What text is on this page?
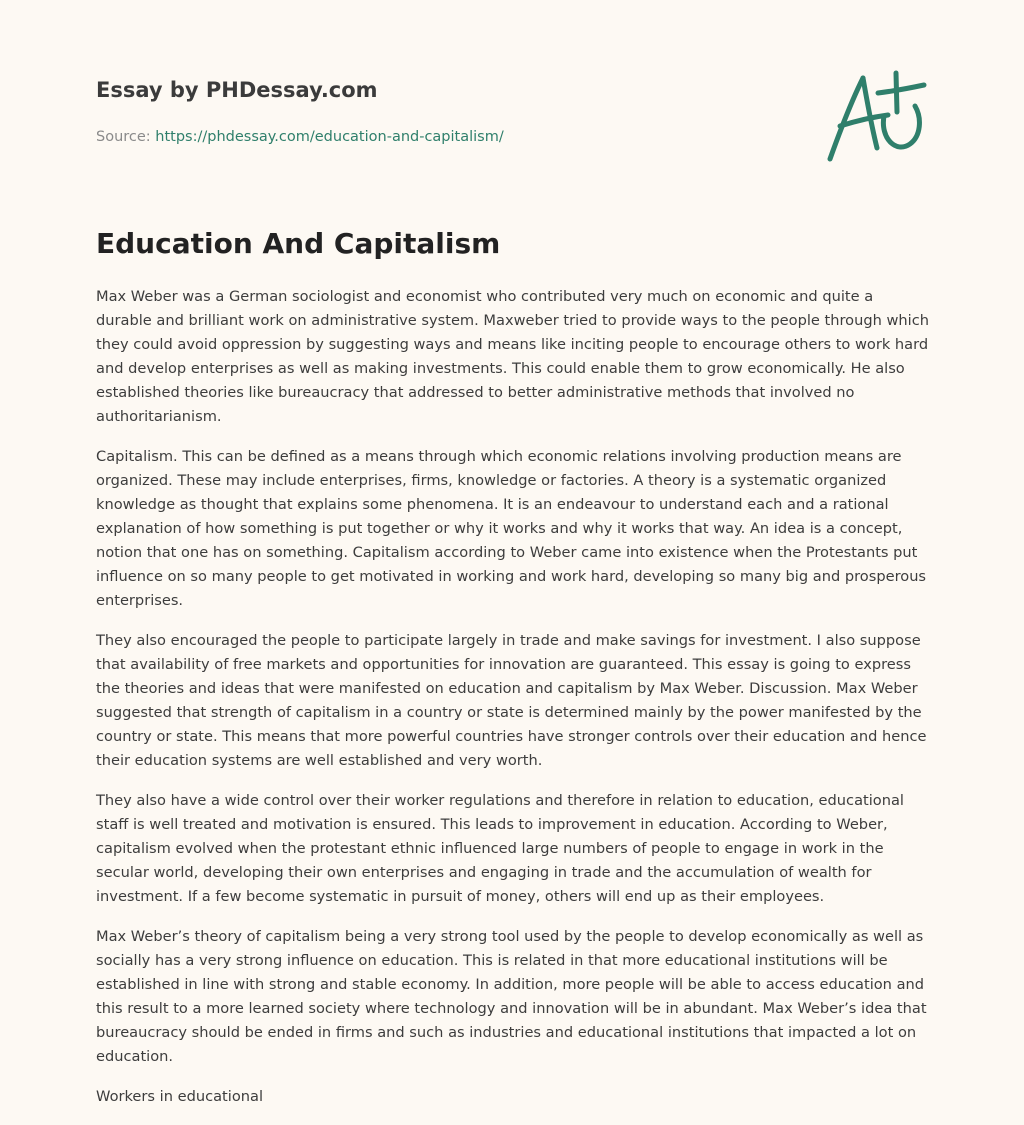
Essay by PHDessay.com
Source: https://phdessay.com/education-and-capitalism/
Education And Capitalism

Max Weber was a German sociologist and economist who contributed very much on economic and quite a durable and brilliant work on administrative system. Maxweber tried to provide ways to the people through which they could avoid oppression by suggesting ways and means like inciting people to encourage others to work hard and develop enterprises as well as making investments. This could enable them to grow economically. He also established theories like bureaucracy that addressed to better administrative methods that involved no authoritarianism.

Capitalism. This can be defined as a means through which economic relations involving production means are organized. These may include enterprises, firms, knowledge or factories. A theory is a systematic organized knowledge as thought that explains some phenomena. It is an endeavour to understand each and a rational explanation of how something is put together or why it works and why it works that way. An idea is a concept, notion that one has on something. Capitalism according to Weber came into existence when the Protestants put influence on so many people to get motivated in working and work hard, developing so many big and prosperous enterprises.

They also encouraged the people to participate largely in trade and make savings for investment. I also suppose that availability of free markets and opportunities for innovation are guaranteed. This essay is going to express the theories and ideas that were manifested on education and capitalism by Max Weber. Discussion. Max Weber suggested that strength of capitalism in a country or state is determined mainly by the power manifested by the country or state. This means that more powerful countries have stronger controls over their education and hence their education systems are well established and very worth.

They also have a wide control over their worker regulations and therefore in relation to education, educational staff is well treated and motivation is ensured. This leads to improvement in education. According to Weber, capitalism evolved when the protestant ethnic influenced large numbers of people to engage in work in the secular world, developing their own enterprises and engaging in trade and the accumulation of wealth for investment. If a few become systematic in pursuit of money, others will end up as their employees.

Max Weber’s theory of capitalism being a very strong tool used by the people to develop economically as well as socially has a very strong influence on education. This is related in that more educational institutions will be established in line with strong and stable economy. In addition, more people will be able to access education and this result to a more learned society where technology and innovation will be in abundant. Max Weber’s idea that bureaucracy should be ended in firms and such as industries and educational institutions that impacted a lot on education.

Workers in educational
